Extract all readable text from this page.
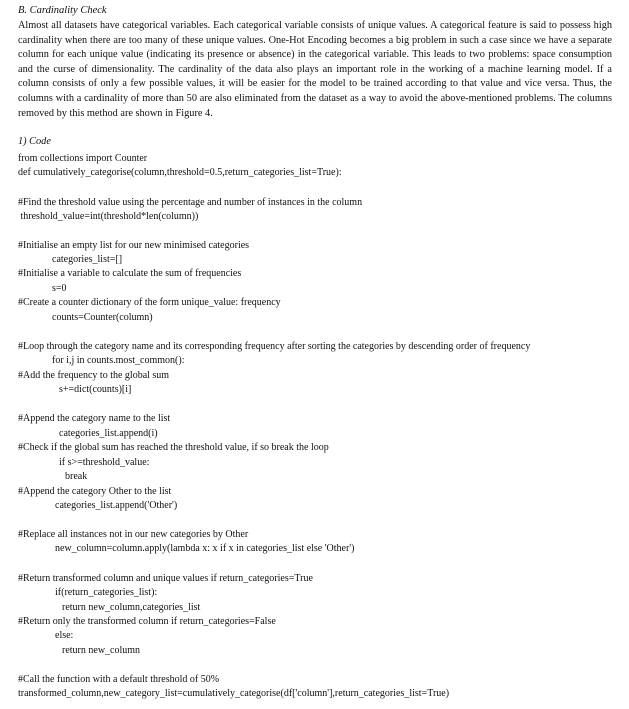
B. Cardinality Check

Almost all datasets have categorical variables. Each categorical variable consists of unique values. A categorical feature is said to possess high cardinality when there are too many of these unique values. One-Hot Encoding becomes a big problem in such a case since we have a separate column for each unique value (indicating its presence or absence) in the categorical variable. This leads to two problems: space consumption and the curse of dimensionality. The cardinality of the data also plays an important role in the working of a machine learning model. If a column consists of only a few possible values, it will be easier for the model to be trained according to that value and vice versa. Thus, the columns with a cardinality of more than 50 are also eliminated from the dataset as a way to avoid the above-mentioned problems. The columns removed by this method are shown in Figure 4.

1) Code
from collections import Counter
def cumulatively_categorise(column,threshold=0.5,return_categories_list=True):
#Find the threshold value using the percentage and number of instances in the column
threshold_value=int(threshold*len(column))
#Initialise an empty list for our new minimised categories
categories_list=[]
#Initialise a variable to calculate the sum of frequencies
s=0
#Create a counter dictionary of the form unique_value: frequency
counts=Counter(column)
#Loop through the category name and its corresponding frequency after sorting the categories by descending order of frequency
for i,j in counts.most_common():
#Add the frequency to the global sum
s+=dict(counts)[i]
#Append the category name to the list
categories_list.append(i)
#Check if the global sum has reached the threshold value, if so break the loop
if s>=threshold_value:
break
#Append the category Other to the list
categories_list.append('Other')
#Replace all instances not in our new categories by Other
new_column=column.apply(lambda x: x if x in categories_list else 'Other')
#Return transformed column and unique values if return_categories=True
if(return_categories_list):
return new_column,categories_list
#Return only the transformed column if return_categories=False
else:
return new_column
#Call the function with a default threshold of 50%
transformed_column,new_category_list=cumulatively_categorise(df['column'],return_categories_list=True)
